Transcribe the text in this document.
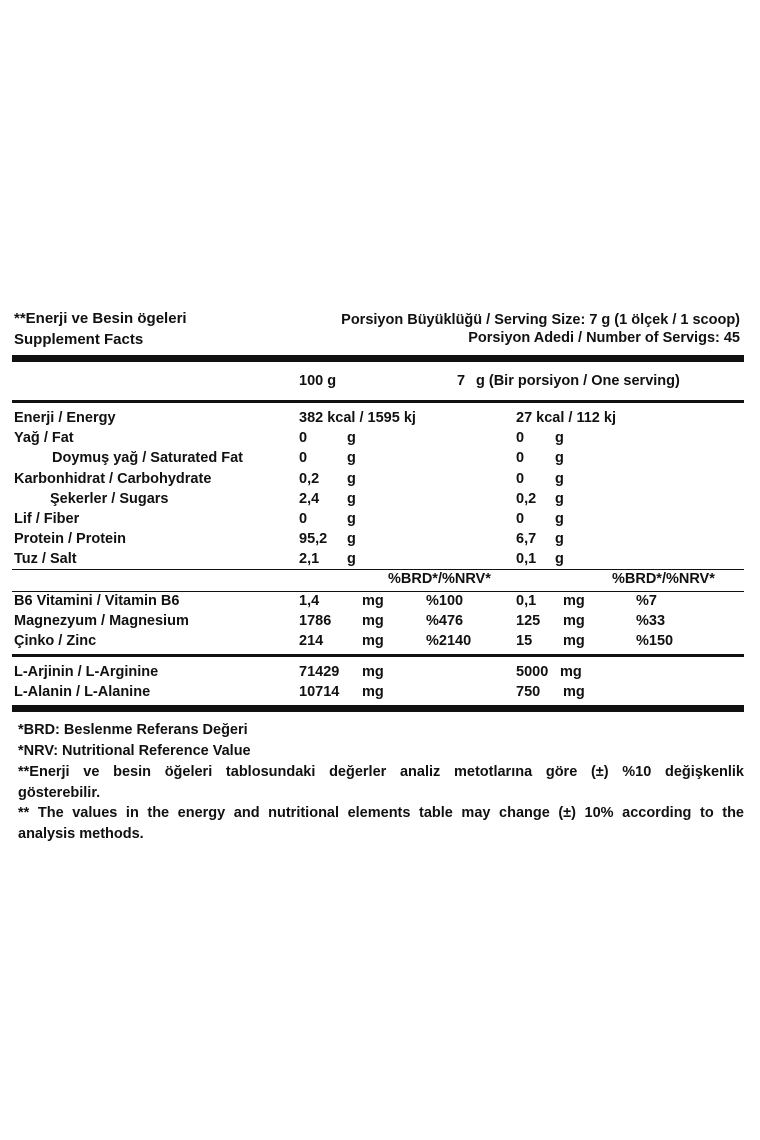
**Enerji ve Besin ögeleri
Supplement Facts
Porsiyon Büyüklüğü / Serving Size: 7 g (1 ölçek / 1 scoop)
Porsiyon Adedi / Number of Servigs: 45
100 g	7 g (Bir porsiyon / One serving)
Enerji / Energy	382 kcal / 1595 kj	27 kcal / 112 kj
Yağ / Fat	0	g	0 g
Doymuş yağ / Saturated Fat	0	g	0 g
Karbonhidrat / Carbohydrate	0,2 g	0 g
Şekerler / Sugars	2,4 g	0,2 g
Lif / Fiber	0	g	0 g
Protein / Protein	95,2 g	6,7 g
Tuz / Salt	2,1 g	0,1 g
%BRD*/%NRV*	%BRD*/%NRV*
B6 Vitamini / Vitamin B6	1,4	mg	%100	0,1 mg	%7
Magnezyum / Magnesium	1786 mg	%476	125 mg	%33
Çinko / Zinc	214	mg	%2140	15 mg	%150
L-Arjinin / L-Arginine	71429 mg	5000 mg
L-Alanin / L-Alanine	10714 mg	750 mg
*BRD: Beslenme Referans Değeri
*NRV: Nutritional Reference Value
**Enerji ve besin öğeleri tablosundaki değerler analiz metotlarına göre (±) %10 değişkenlik
gösterebilir.
** The values in the energy and nutritional elements table may change (±) 10% according to the
analysis methods.
